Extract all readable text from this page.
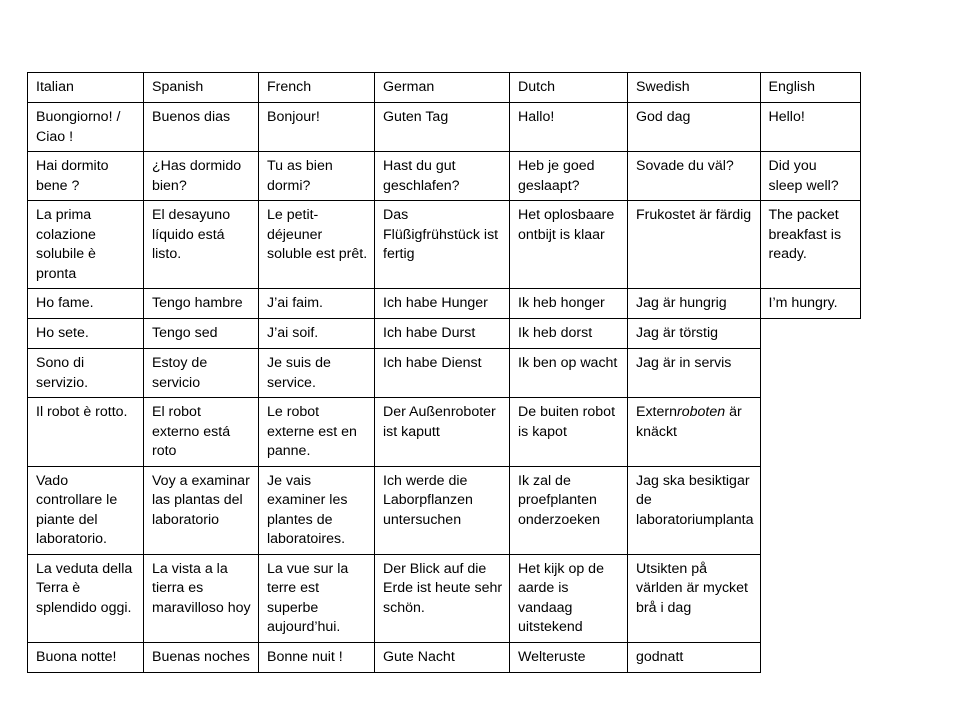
Italian	Spanish	French	German	Dutch	Swedish	English
Buongiorno! / Ciao !	Buenos dias	Bonjour!	Guten Tag	Hallo!	God dag	Hello!
Hai dormito bene ?	¿Has dormido bien?	Tu as bien dormi?	Hast du gut geschlafen?	Heb je goed geslaapt?	Sovade du väl?	Did you sleep well?
La prima colazione solubile è pronta	El desayuno líquido está listo.	Le petit-déjeuner soluble est prêt.	Das Flüßigfrühstück ist fertig	Het oplosbaare ontbijt is klaar	Frukostet är färdig	The packet breakfast is ready.
Ho fame.	Tengo hambre	J’ai faim.	Ich habe Hunger	Ik heb honger	Jag är hungrig	I’m hungry.
Ho sete.	Tengo sed	J’ai soif.	Ich habe Durst	Ik heb dorst	Jag är törstig	
Sono di servizio.	Estoy de servicio	Je suis de service.	Ich habe Dienst	Ik ben op wacht	Jag är in servis	
Il robot è rotto.	El robot externo está roto	Le robot externe est en panne.	Der Außenroboter ist kaputt	De buiten robot is kapot	Externroboten är knäckt	
Vado controllare le piante del laboratorio.	Voy a examinar las plantas del laboratorio	Je vais examiner les plantes de laboratoires.	Ich werde die Laborpflanzen untersuchen	Ik zal de proefplanten onderzoeken	Jag ska besiktigar de laboratoriumplanta	
La veduta della Terra è splendido oggi.	La vista a la tierra es maravilloso hoy	La vue sur la terre est superbe aujourd’hui.	Der Blick auf die Erde ist heute sehr schön.	Het kijk op de aarde is vandaag uitstekend	Utsikten på världen är mycket brå i dag	
Buona notte!	Buenas noches	Bonne nuit !	Gute Nacht	Welteruste	godnatt	
